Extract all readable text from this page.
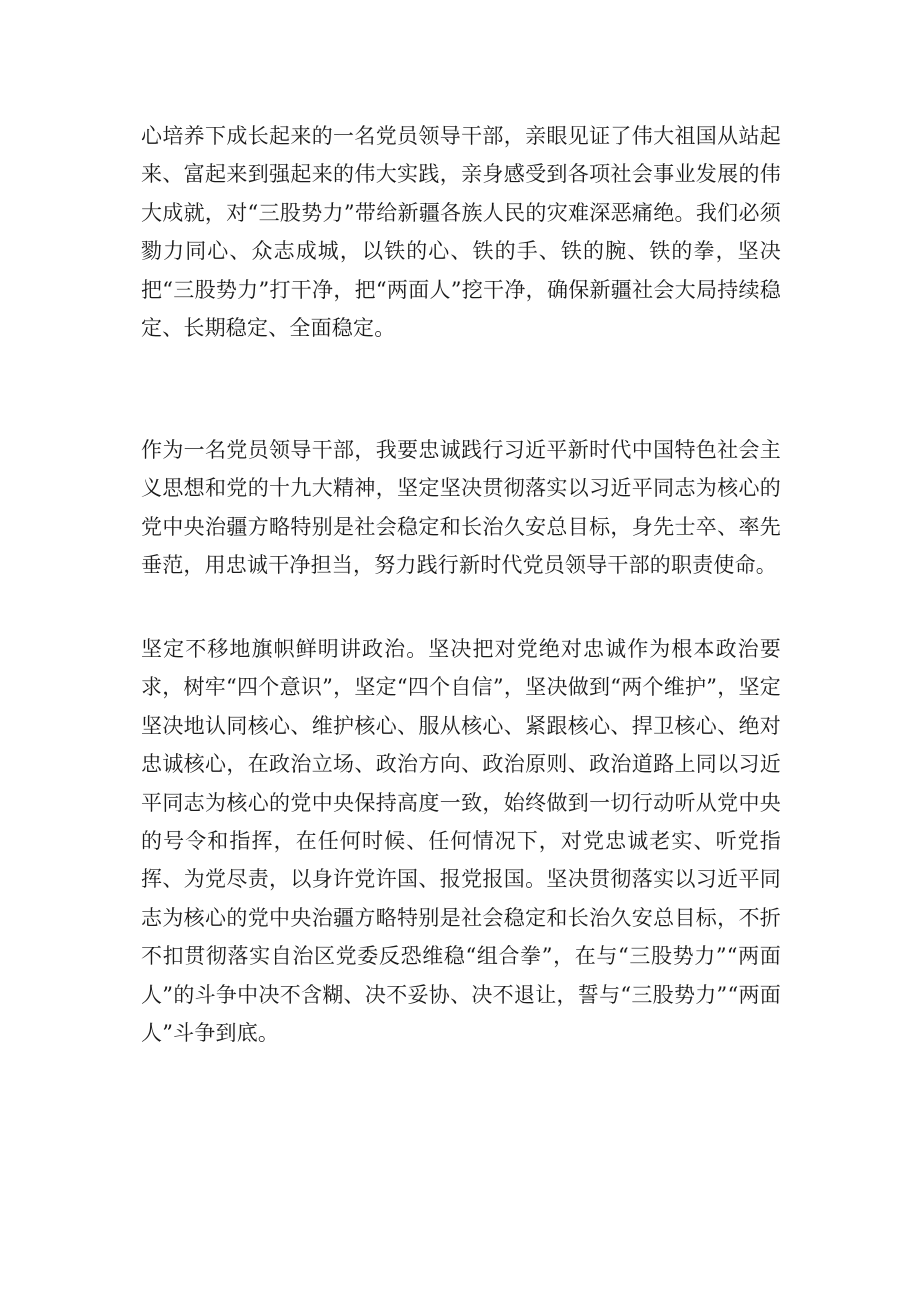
心培养下成长起来的一名党员领导干部，亲眼见证了伟大祖国从站起来、富起来到强起来的伟大实践，亲身感受到各项社会事业发展的伟大成就，对“三股势力”带给新疆各族人民的灾难深恶痛绝。我们必须勠力同心、众志成城，以铁的心、铁的手、铁的腕、铁的拳，坚决把“三股势力”打干净，把“两面人”挖干净，确保新疆社会大局持续稳定、长期稳定、全面稳定。

作为一名党员领导干部，我要忠诚践行习近平新时代中国特色社会主义思想和党的十九大精神，坚定坚决贯彻落实以习近平同志为核心的党中央治疆方略特别是社会稳定和长治久安总目标，身先士卒、率先垂范，用忠诚干净担当，努力践行新时代党员领导干部的职责使命。

坚定不移地旗帜鲜明讲政治。坚决把对党绝对忠诚作为根本政治要求，树牢“四个意识”，坚定“四个自信”，坚决做到“两个维护”，坚定坚决地认同核心、维护核心、服从核心、紧跟核心、捍卫核心、绝对忠诚核心，在政治立场、政治方向、政治原则、政治道路上同以习近平同志为核心的党中央保持高度一致，始终做到一切行动听从党中央的号令和指挥，在任何时候、任何情况下，对党忠诚老实、听党指挥、为党尽责，以身许党许国、报党报国。坚决贯彻落实以习近平同志为核心的党中央治疆方略特别是社会稳定和长治久安总目标，不折不扣贯彻落实自治区党委反恐维稳“组合拳”，在与“三股势力”“两面人”的斗争中决不含糊、决不妥协、决不退让，誓与“三股势力”“两面人”斗争到底。
